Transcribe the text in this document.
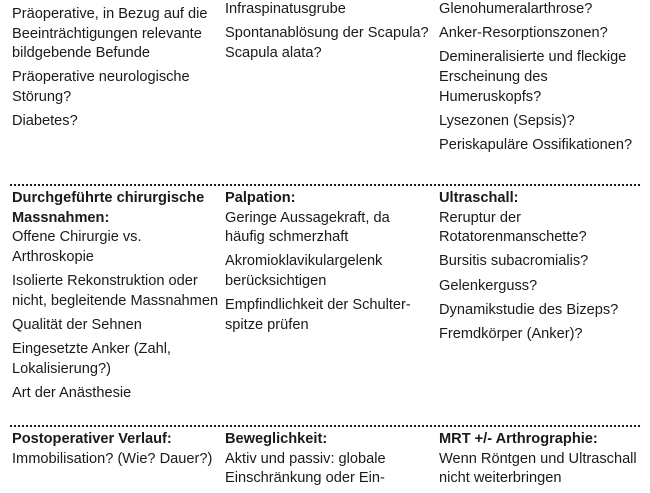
Präoperative, in Bezug auf die Beeinträchtigungen relevante bildgebende Befunde

Präoperative neurologische Störung?

Diabetes?

Infraspinatusgrube

Spontanablösung der Scapula? Scapula alata?

Glenohumeralarthrose?

Anker-Resorptionszonen?

Demineralisierte und fleckige Erscheinung des Humeruskopfs?

Lysezonen (Sepsis)?

Periskapuläre Ossifikationen?

Durchgeführte chirurgische Massnahmen:
Offene Chirurgie vs. Arthroskopie

Isolierte Rekonstruktion oder nicht, begleitende Massnahmen

Qualität der Sehnen

Eingesetzte Anker (Zahl, Lokalisierung?)

Art der Anästhesie

Palpation:
Geringe Aussagekraft, da häufig schmerzhaft

Akromioklavikulargelenk berücksichtigen

Empfindlichkeit der Schulterspitze prüfen

Ultraschall:
Reruptur der Rotatorenmanschette?

Bursitis subacromialis?

Gelenkerguss?

Dynamikstudie des Bizeps?

Fremdkörper (Anker)?

Postoperativer Verlauf:
Immobilisation? (Wie? Dauer?)

Beweglichkeit:
Aktiv und passiv: globale Einschränkung oder Ein-

MRT +/- Arthrographie:
Wenn Röntgen und Ultraschall nicht weiterbringen
